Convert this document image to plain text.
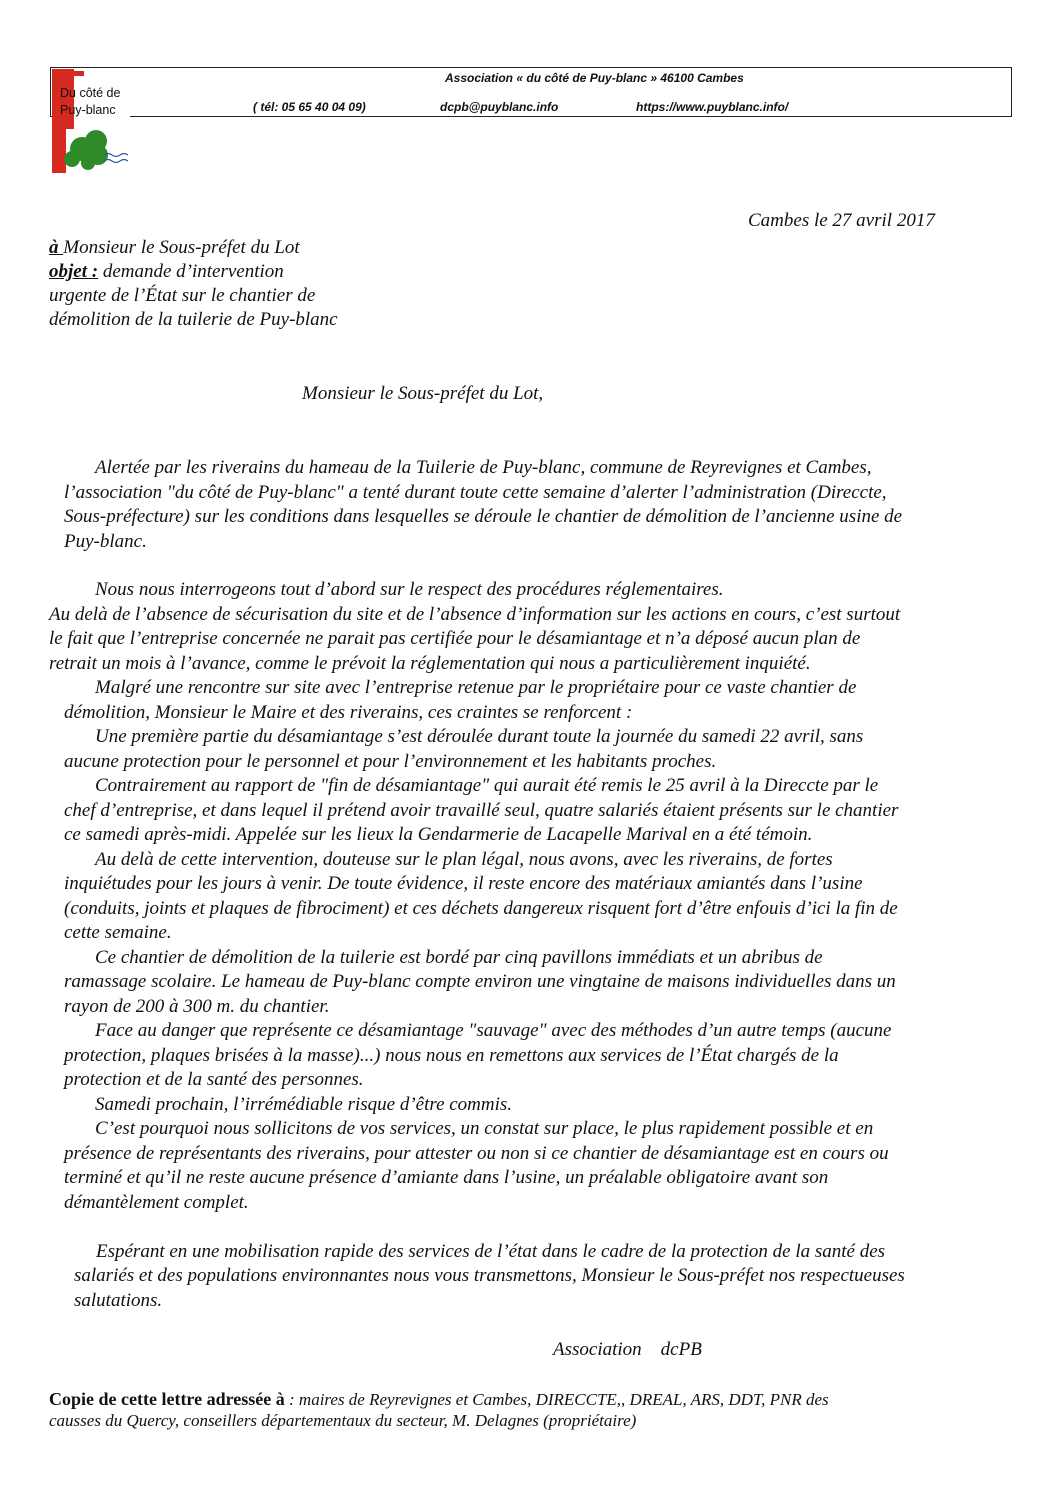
Du côté de Puy-blanc
Association « du côté de Puy-blanc » 46100 Cambes
( tél: 05 65 40 04 09)	dcpb@puyblanc.info	https://www.puyblanc.info/
Cambes le 27 avril 2017
à Monsieur le Sous-préfet du Lot
objet : demande d’intervention
urgente de l’État sur le chantier de
démolition de la tuilerie de Puy-blanc
Monsieur le Sous-préfet du Lot,
Alertée par les riverains du hameau de la Tuilerie de Puy-blanc, commune de Reyrevignes et Cambes,
l’association "du côté de Puy-blanc" a tenté durant toute cette semaine d’alerter l’administration (Direccte,
Sous-préfecture) sur les conditions dans lesquelles se déroule le chantier de démolition de l’ancienne usine de
Puy-blanc.
Nous nous interrogeons tout d’abord sur le respect des procédures réglementaires.
Au delà de l’absence de sécurisation du site et de l’absence d’information sur les actions en cours, c’est surtout
le fait que l’entreprise concernée ne parait pas certifiée pour le désamiantage et n’a déposé aucun plan de
retrait un mois à l’avance, comme le prévoit la réglementation qui nous a particulièrement inquiété.
Malgré une rencontre sur site avec l’entreprise retenue par le propriétaire pour ce vaste chantier de
démolition, Monsieur le Maire et des riverains, ces craintes se renforcent :
Une première partie du désamiantage s’est déroulée durant toute la journée du samedi 22 avril, sans
aucune protection pour le personnel et pour l’environnement et les habitants proches.
Contrairement au rapport de "fin de désamiantage" qui aurait été remis le 25 avril à la Direccte par le
chef d’entreprise, et dans lequel il prétend avoir travaillé seul, quatre salariés étaient présents sur le chantier
ce samedi après-midi. Appelée sur les lieux la Gendarmerie de Lacapelle Marival en a été témoin.
Au delà de cette intervention, douteuse sur le plan légal, nous avons, avec les riverains, de fortes
inquiétudes pour les jours à venir. De toute évidence, il reste encore des matériaux amiantés dans l’usine
(conduits, joints et plaques de fibrociment) et ces déchets dangereux risquent fort d’être enfouis d’ici la fin de
cette semaine.
Ce chantier de démolition de la tuilerie est bordé par cinq pavillons immédiats et un abribus de
ramassage scolaire. Le hameau de Puy-blanc compte environ une vingtaine de maisons individuelles dans un
rayon de 200 à 300 m. du chantier.
Face au danger que représente ce désamiantage "sauvage" avec des méthodes d’un autre temps (aucune
protection, plaques brisées à la masse)...) nous nous en remettons aux services de l’État chargés de la
protection et de la santé des personnes.
Samedi prochain, l’irrémédiable risque d’être commis.
C’est pourquoi nous sollicitons de vos services, un constat sur place, le plus rapidement possible et en
présence de représentants des riverains, pour attester ou non si ce chantier de désamiantage est en cours ou
terminé et qu’il ne reste aucune présence d’amiante dans l’usine, un préalable obligatoire avant son
démantèlement complet.
Espérant en une mobilisation rapide des services de l’état dans le cadre de la protection de la santé des
salariés et des populations environnantes nous vous transmettons, Monsieur le Sous-préfet nos respectueuses
salutations.
Association    dcPB
Copie de cette lettre adressée à : maires de Reyrevignes et Cambes, DIRECCTE,, DREAL, ARS, DDT, PNR des
causses du Quercy, conseillers départementaux du secteur, M. Delagnes (propriétaire)
